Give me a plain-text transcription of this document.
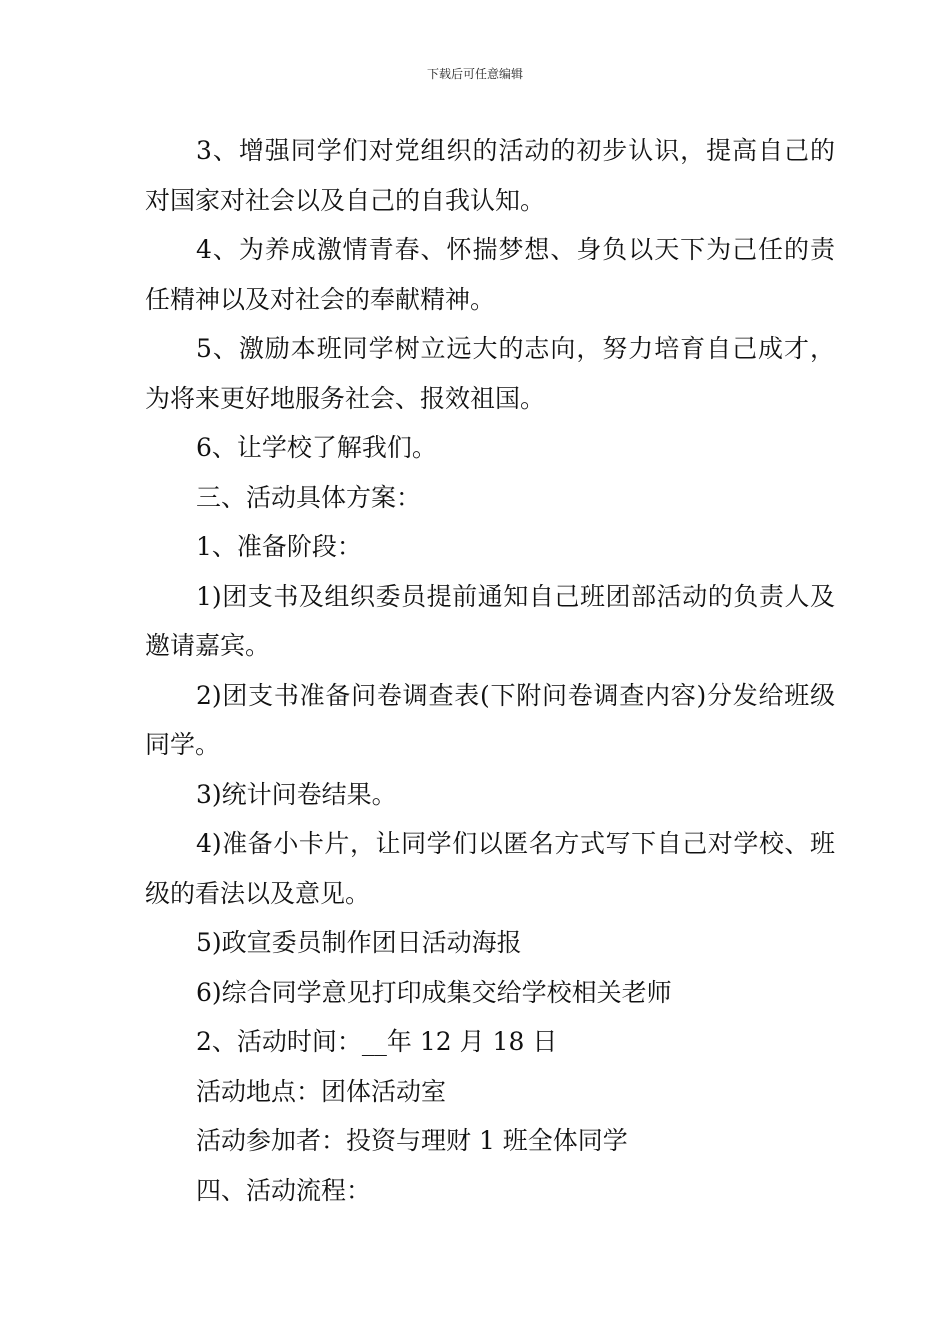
下载后可任意编辑

3、增强同学们对党组织的活动的初步认识，提高自己的对国家对社会以及自己的自我认知。

4、为养成激情青春、怀揣梦想、身负以天下为己任的责任精神以及对社会的奉献精神。

5、激励本班同学树立远大的志向，努力培育自己成才，为将来更好地服务社会、报效祖国。

6、让学校了解我们。

三、活动具体方案：

1、准备阶段：

1)团支书及组织委员提前通知自己班团部活动的负责人及邀请嘉宾。

2)团支书准备问卷调查表(下附问卷调查内容)分发给班级同学。

3)统计问卷结果。

4)准备小卡片，让同学们以匿名方式写下自己对学校、班级的看法以及意见。

5)政宣委员制作团日活动海报

6)综合同学意见打印成集交给学校相关老师

2、活动时间：__年 12 月 18 日

活动地点：团体活动室

活动参加者：投资与理财 1 班全体同学

四、活动流程：
